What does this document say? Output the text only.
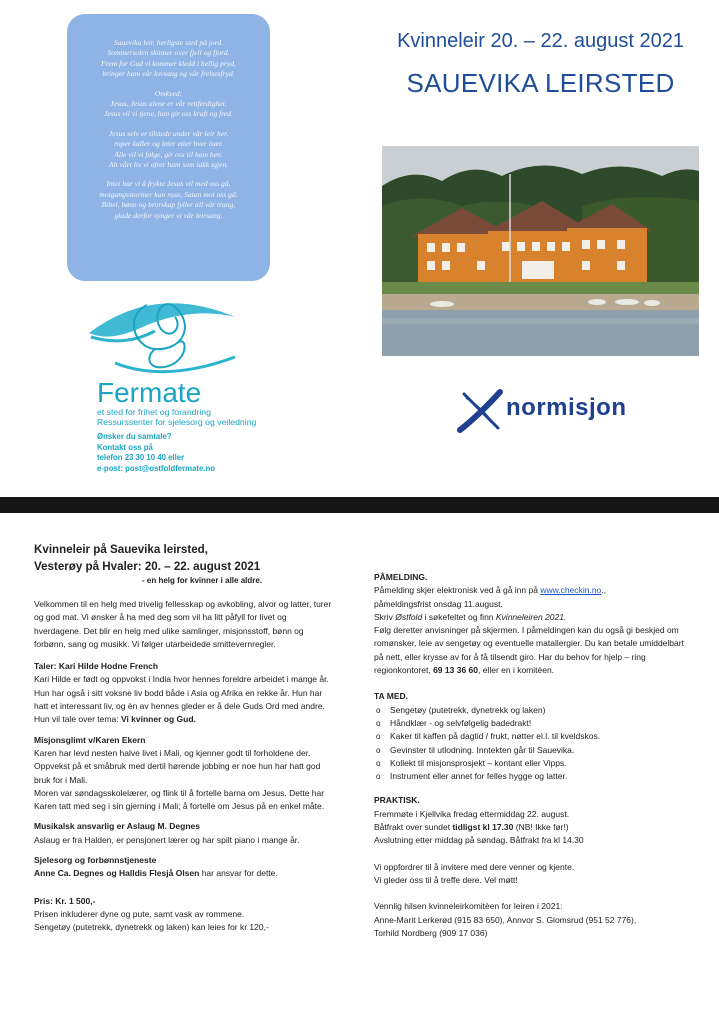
Sauevika leir, herligste sted på jord.
Sommersolen skinner over fjell og fjord.
Frem for Gud vi kommer kledd i hellig pryd,
bringer ham vår lovsang og vår frelsesfryd.

Omkved:
Jesus, Jesus alene er vår rettferdighet.
Jesus vil vi tjene, han gir oss kraft og fred.

Jesus selv er tilstede under vår leir her,
roper kaller og leter etter hver især.
Alle vil vi følge, gir oss til ham hen.
Alt vårt liv vi ofrer ham som takk igjen.

Intet har vi å frykte Jesus vil med oss gå,
motgangsstormer kan rase, Satan mot oss gå.
Bibel, bønn og brorskap fyller all vår trang,
glade derfor synger vi vår leirsang.

Kvinneleir 20. – 22. august 2021
SAUEVIKA LEIRSTED
Fermate
et sted for frihet og forandring
Ressurssenter for sjelesorg og veiledning
Ønsker du samtale?
Kontakt oss på
telefon 23 30 10 40 eller
e-post: post@ostfoldfermate.no
normisjon
Kvinneleir på Sauevika leirsted,
Vesterøy på Hvaler: 20. – 22. august 2021
- en helg for kvinner i alle aldre.

Velkommen til en helg med trivelig fellesskap og avkobling, alvor og latter, turer og god mat. Vi ønsker å ha med deg som vil ha litt påfyll for livet og hverdagene. Det blir en helg med ulike samlinger, misjonsstoff, bønn og forbønn, sang og musikk. Vi følger utarbeidede smittevernregler.

Taler: Kari Hilde Hodne French

Kari Hilde er født og oppvokst i India hvor hennes foreldre arbeidet i mange år. Hun har også i sitt voksne liv bodd både i Asia og Afrika en rekke år. Hun har hatt et interessant liv, og èn av hennes gleder er å dele Guds Ord med andre. Hun vil tale over tema: Vi kvinner og Gud.

Misjonsglimt v/Karen Ekern

Karen har levd nesten halve livet i Mali, og kjenner godt til forholdene der. Oppvekst på et småbruk med dertil hørende jobbing er noe hun har hatt god bruk for i Mali.

Moren var søndagsskolelærer, og flink til å fortelle barna om Jesus. Dette har Karen tatt med seg i sin gjerning i Mali; å fortelle om Jesus på en enkel måte.

Musikalsk ansvarlig er Aslaug M. Degnes

Aslaug er fra Halden, er pensjonert lærer og har spilt piano i mange år.

Sjelesorg og forbønnstjeneste

Anne Ca. Degnes og Halldis Flesjå Olsen har ansvar for dette.

Pris: Kr. 1 500,-

Prisen inkluderer dyne og pute, samt vask av rommene.

Sengetøy (putetrekk, dynetrekk og laken) kan leies for kr 120,-

PÅMELDING.

Påmelding skjer elektronisk ved å gå inn på www.checkin.no.,

påmeldingsfrist onsdag 11.august.

Skriv Østfold i søkefeltet og finn Kvinneleiren 2021.

Følg deretter anvisninger på skjermen. I påmeldingen kan du også gi beskjed om romønsker, leie av sengetøy og eventuelle matallergier. Du kan betale umiddelbart på nett, eller krysse av for å få tilsendt giro. Har du behov for hjelp – ring regionkontoret, 69 13 36 60, eller en i komitèen.

TA MED.

o Sengetøy (putetrekk, dynetrekk og laken)
o Håndklær - og selvfølgelig badedrakt!
o Kaker til kaffen på dagtid / frukt, nøtter el.l. til kveldskos.
o Gevinster til utlodning. Inntekten går til Sauevika.
o Kollekt til misjonsprosjekt – kontant eller Vipps.
o Instrument eller annet for felles hygge og latter.

PRAKTISK.

Fremmøte i Kjellvika fredag ettermiddag 22. august.

Båtfrakt over sundet tidligst kl 17.30 (NB! Ikke før!)

Avslutning etter middag på søndag. Båtfrakt fra kl 14.30

Vi oppfordrer til å invitere med dere venner og kjente.

Vi gleder oss til å treffe dere. Vel møtt!

Vennlig hilsen kvinneleirkomitèen for leiren i 2021:

Anne-Marit Lerkerød (915 83 650), Annvor S. Glomsrud (951 52 776),

Torhild Nordberg (909 17 036)
